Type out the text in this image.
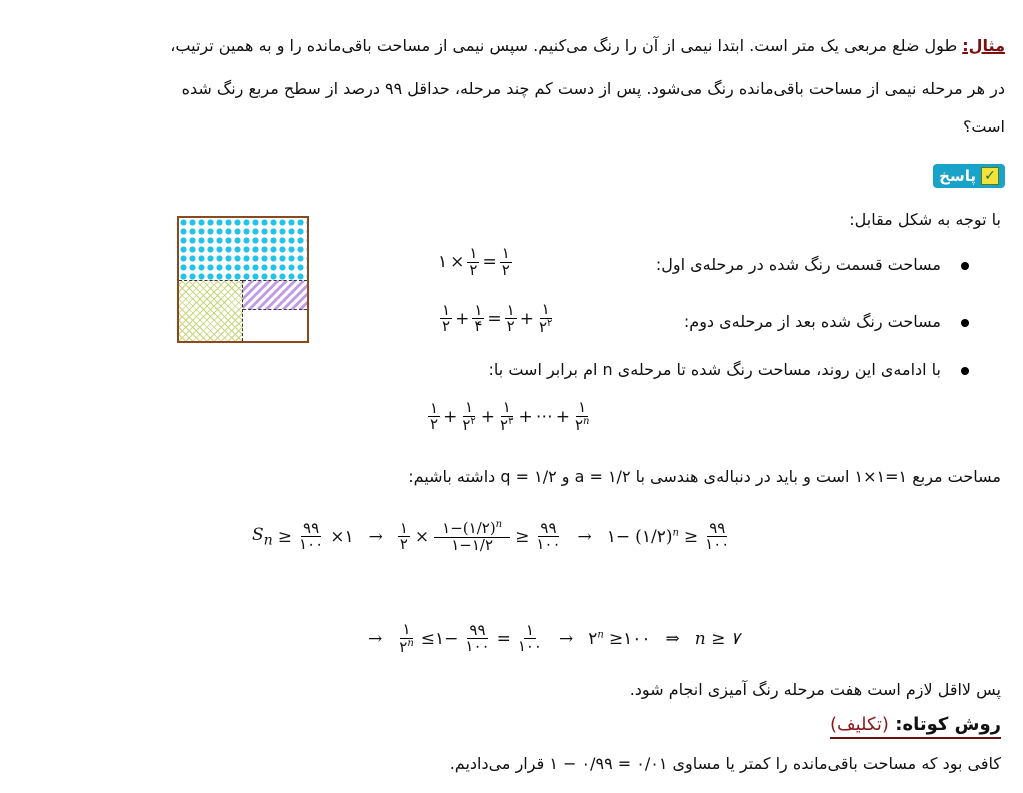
مثال: طول ضلع مربعی یک متر است. ابتدا نیمی از آن را رنگ می‌کنیم. سپس نیمی از مساحت باقی‌مانده را و به همین ترتیب،
در هر مرحله نیمی از مساحت باقی‌مانده رنگ می‌شود. پس از دست کم چند مرحله، حداقل ۹۹ درصد از سطح مربع رنگ شده
است؟
✓
پاسخ
با توجه به شکل مقابل:
مساحت قسمت رنگ شده در مرحله‌ی اول:
مساحت رنگ شده بعد از مرحله‌ی دوم:
با ادامه‌ی این روند، مساحت رنگ شده تا مرحله‌ی n ام برابر است با:
۱ × ۱
۲ = ۱
۲
۱
۲ + ۱
۴ = ۱
۲ + ۱
$۲^۲$
۱
۲ + ۱
$۲^۲$ + ۱
$۲^۳$ + ⋯ + ۱
۲$^n$
مساحت مربع ۱=۱×۱ است و باید در دنباله‌ی هندسی با a = ۱/۲ و q = ۱/۲ داشته باشیم:
$S_n$ ≥ ۹۹
۱۰۰ ×۱ → ۱
۲ × ۱−(۱/۲)$^n$
۱−۱/۲ ≥ ۹۹
۱۰۰ → ۱− (۱/۲)$^n$ ≥ ۹۹
۱۰۰
→ ۱
$۲^n$ ≤۱− ۹۹
۱۰۰ = ۱
۱۰۰ → $۲^n$ ≥۱۰۰ ⇒ n ≥ ۷
پس لااقل لازم است هفت مرحله رنگ آمیزی انجام شود.
روش کوتاه: (تکلیف)
کافی بود که مساحت باقی‌مانده را کمتر یا مساوی ۰/۰۱ = ۰/۹۹ − ۱ قرار می‌دادیم.
